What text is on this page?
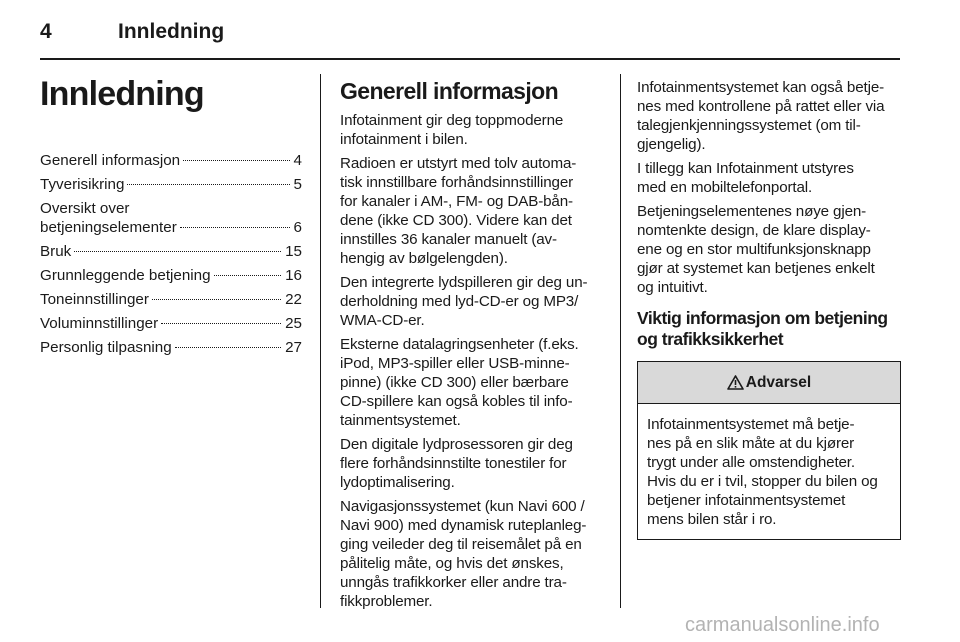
4	Innledning
Innledning
Generell informasjon	4
Tyverisikring	5
Oversikt over
betjeningselementer	6
Bruk	15
Grunnleggende betjening	16
Toneinnstillinger	22
Voluminnstillinger	25
Personlig tilpasning	27
Generell informasjon
Infotainment gir deg toppmoderne
infotainment i bilen.
Radioen er utstyrt med tolv automa-
tisk innstillbare forhåndsinnstillinger
for kanaler i AM-, FM- og DAB-bån-
dene (ikke CD 300). Videre kan det
innstilles 36 kanaler manuelt (av-
hengig av bølgelengden).
Den integrerte lydspilleren gir deg un-
derholdning med lyd-CD-er og MP3/
WMA-CD-er.
Eksterne datalagringsenheter (f.eks.
iPod, MP3-spiller eller USB-minne-
pinne) (ikke CD 300) eller bærbare
CD-spillere kan også kobles til info-
tainmentsystemet.
Den digitale lydprosessoren gir deg
flere forhåndsinnstilte tonestiler for
lydoptimalisering.
Navigasjonssystemet (kun Navi 600 /
Navi 900) med dynamisk ruteplanleg-
ging veileder deg til reisemålet på en
pålitelig måte, og hvis det ønskes,
unngås trafikkorker eller andre tra-
fikkproblemer.
Infotainmentsystemet kan også betje-
nes med kontrollene på rattet eller via
talegjenkjenningssystemet (om til-
gjengelig).
I tillegg kan Infotainment utstyres
med en mobiltelefonportal.
Betjeningselementenes nøye gjen-
nomtenkte design, de klare display-
ene og en stor multifunksjonsknapp
gjør at systemet kan betjenes enkelt
og intuitivt.
Viktig informasjon om betjening
og trafikksikkerhet
Advarsel
Infotainmentsystemet må betje-
nes på en slik måte at du kjører
trygt under alle omstendigheter.
Hvis du er i tvil, stopper du bilen og
betjener infotainmentsystemet
mens bilen står i ro.
carmanualsonline.info
